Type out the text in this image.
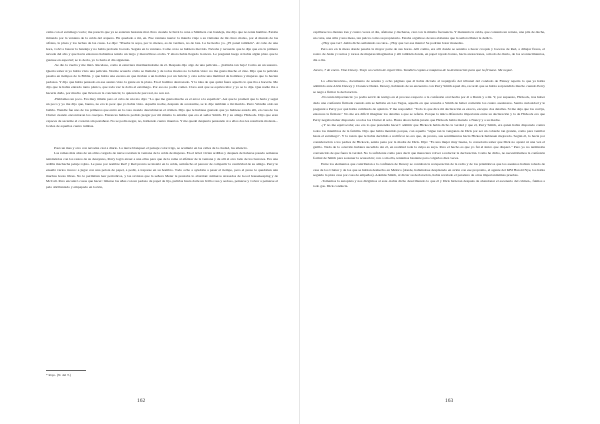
cama con el estómago vacío; me pareció que ya se estarían bastante mal. Pero cuando le llevé la cena a Smithers con bandeja, me dijo que no tenía hambre. Estaba mirando por la ventana de la celda del arquero. Ha quedado a mi, en. Fue ventana tuerta: la mierda viaje a su visitante de mi cinco malso, por el mundo de las alfoles, la plaza y los leches de las casas. Le dije: "Pruebe la sopa, por lo menos, es de verdura, no de lata. La he hecho yo. ¿El panal también". Al cabo de una hora, volví a buscar la bandeja y no había probado bocado. Seguía en la ventana. Como si no se hubiera movido. Nevaba y recuerdo que le dije que era la primera nevada del año y que hacía entonces habíamos tenido un largo y maravilloso otoño. Y ahora había llegado la nieve. Le pregunté luego si había algún plato que le gustase en especial; se lo decía, yo lo haría al día siguiente.

-Se dio la vuelta y me miró. Recelaso, como si estuviera murmurándome de él. Después dijo algo de una película... ¿hablaba tan bajo! Como en un susurro. Quería saber si yo había visto una película. Norme acuerdo cómo se llamaba y de todos modos no la había visto: no me gusta mucho el cine. Dijo que la película pasaba en tiempos de la Biblia. y que había una escena en que tiraban a un hombre por un balcón y caía sobre una multitud de hombres y mujeres que lo hacían pedazos. Y dijo que había pensado en ese asunto visto la gente en la plaza. En el hombre destrozado. Y la idea de que quizá fuera aquello lo que iba a hacerle. Me dijo que le había entrado tanto pánico, que toda vez le dolía el estómago. Por eso no podía comer. Claro está que se equivocaba: y yo se lo dije. Que nadie iba a hacerle daño, por mucho que lleven en la conciencia; lo quieren de paz real, no son así.

-Hablamos un poco. Era muy tímido pero al cabo de un rato dijo: "Lo que me gusta mucho es el arroz a la española". Así que le prometí que lo haría y seguí un poco y yo me dijo que, bueno, no era lo peor que yo había visto. Aquella noche, después de acostarme, se lo dije también a mi marido. Perro Wendle oído un bulldo. Wendle fue uno de los primeros que entró en la casa cuando descubrieron el crimen. Dijo que le hubiese gustado que yo hubiese estado allí, en casa de los Clutter cuando encontraron los cuerpos. Entonces hubiera podido juzgar por mí misma lo amable que era el señor Smith. El y su amigo Hickock. Dijo que eran capaces de sacarme el corazón sin pestañear. No se podía negar, no, habiendo cuatro muertos. Y me quedé despierta pensando si a ellos dos les resultaría molesta... la idea de aquellos cuatro tumbas.

Pasó un mes y otro con nevadas casi a diario. La nieve blanqueó el paisaje color trigo, se acumuló en las calles de la ciudad, las silenció.

Las ramas más altas de un olmo cargado de nieve rozaban la ventana de la celda de mujeres. En el árbol vivían ardillas y después de haberse pasado semanas tentándolas con los restos de su desayuno, Perry logró atraer a una ellas para que de la rama al alféizar de la ventana y de allí al otro lado de los barrotes. Era una ardilla machacha pelaje rojizo. Le puso por nombre Red' y Red pronto se instaló en la celda, satisfecho al parecer de compartir la cautividad de su amigo. Perry le enseñó varios trucos: a jugar con una pelota de papel, a pedir, a treparse en su hombro. Todo ocho a ayudaba a pasar el tiempo, pero el preso le quedaban aún muchas horas libres. No le permitían leer periódicos, y las revistas que la señora Meier le prestaba lo aburrían: números atrasados de Good housekeeping y de McCall. Pero encontró cosas que hacer: limarse las uñas con un pedazo de papel de lija, pulirlas hasta darle un brillo rosa y sedoso, peinarse y volver a peinarse el pelo abrillantado y empapado en loción,

* Rojo. (N. del T.)
162

cepillarse los dientes tres y cuatro veces al día, afeitarse y ducharse, casi con la misma frecuencia. Y mantenía la celda, que contenía un retrete, una pila de ducha, un catre, una silla y una mesa, tan pulcra como su propietario. Estaba orgulloso de una alabanza que la señora Meier le dedicó.

-¡Hay que ver! -había dicho señalando su catre-. ¡Hay que ver esa manta! Se podrían botar monedas.

Pero era en la mesa donde pasaba la mayor parte de sus horas. Allí comía, era allí donde se sentaba a hacer croquis y bocetos de Red, a dibujar flores, el rostro de Jesús y rostros y torsos de mujeres imaginarias y allí también donde, en papel rayado barato, hacia anotaciones, a modo de diario, de los acontecimientos, día a día.

Jueves, 7 de enero. Vino Dewey. Trajo un cartón de cigarrillos. También copias a máquina de la declaración para que la firmase. Me negué.

La «Declaración», documento de setenta y ocho páginas que él había dictado al taquígrafo del tribunal del condado de Finney repetía lo que ya había admitido ante Alvin Dewey y Clarence Duntz. Dewey, hablando de su encuentro con Perry Smith aquel día, recordó que se había sorprendido mucho cuando Perry se negó a firmar la declaración.

-No tenía importancia: yo podía servir de testigo en el proceso respecto a la confesión oral hecha por él a Duntz y a mí. Y, por supuesto, Hickock, tras haber dado una confesión firmada cuando aún se hallaba en Las Vegas, aquella en que acusaba a Smith de haber cometido los cuatro asesinatos. Sentía curiosidad y le pregunté a Perry por qué había cambiado de opinión. Y me respondió: "Todo lo que dice mi declaración es exacto, excepto dos detalles. Si me deja que los corrija, entonces la firmaré." No me era difícil imaginar los detalles a que se refería. Porque la única diferencia importante entre su declaración y la de Hickock era que Perry negaba haber disparado a todos los Clutter él solo. Hasta ahora había jurado que Hickock había matado a Nancy y a su madre.

-¡Y no me equivocaba; eso era lo que pretendía hacer!: admitir que Hickock había dicho la verdad y que él, Perry Smith, era quien había disparado contra todos los miembros de la familia. Dijo que había mentido porque, con aquello "sigue tan la venganza de Dick por ser un cobarde tan grande, como para ventilar hasta el estómago". Y la razón que le había decidido a rectificar no era que, de pronto, sus sentimientos hacia Hickock hubiesen mejorado. Según él, lo hacía por consideración a los padres de Hickock, sentía pena por la madre de Dick. Dijo: "Es una mujer muy buena, lo consolaría saber que Dick no apretó ni una vez el gatillo. Nada de lo ocurrido hubiera sucedido sin él, en realidad toda la culpa es suya. Pero el hecho es que yo fui el único que disparó." Pero yo no terminaba convencido de que fuera la verdad. No lo suficiente como para decir que mereciera volver a redactar la declaración. Como he dicho, no necesitábamos la confesión formal de Smith para sostener la acusación; con o sin ella, teníamos bastante para colgarlos diez veces.

Entre los elementos que contribuían a la confianza de Dewey se contaban la recuperación de la radio y de los prismáticos que los asesinos habían robado de casa de los Clutter y de los que se habían deshecho en México (donde, habiéndose desplazado en avión con ese propósito, el agente del KBI Harold Nye, los había seguido la pista casa por casa de empeños). Además Smith, al dictar su declaración, había revelado el paradero de otras importantísimas pruebas.

-Tomamos la autopista y nos dirigimos al este -había dicho describiendo lo que él y Dick hicieron después de abandonar el escenario del crimen-, fuimos a todo gas. Dick conducía.

163
